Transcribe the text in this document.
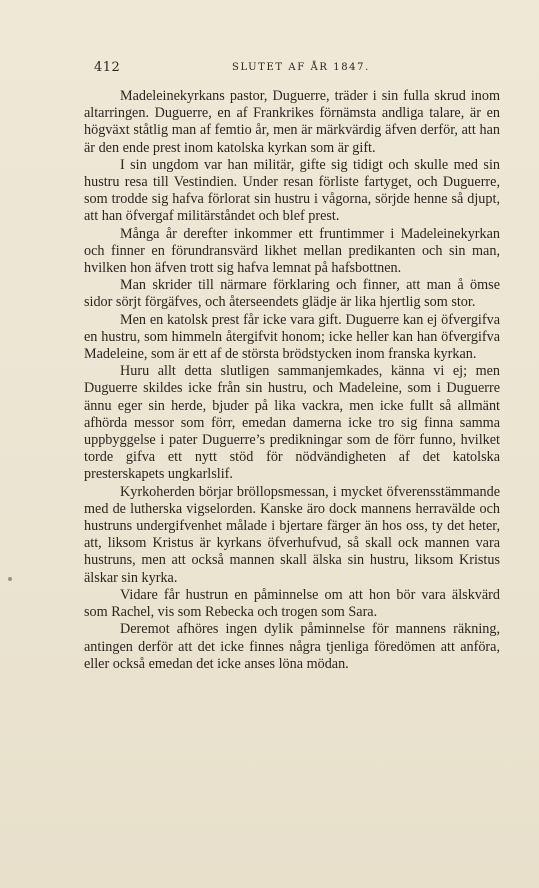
412	SLUTET AF ÅR 1847.

Madeleinekyrkans pastor, Duguerre, träder i sin fulla skrud inom altarringen. Duguerre, en af Frankrikes förnämsta andliga talare, är en högväxt ståtlig man af femtio år, men är märkvärdig äfven derför, att han är den ende prest inom katolska kyrkan som är gift.

I sin ungdom var han militär, gifte sig tidigt och skulle med sin hustru resa till Vestindien. Under resan förliste fartyget, och Duguerre, som trodde sig hafva förlorat sin hustru i vågorna, sörjde henne så djupt, att han öfvergaf militärståndet och blef prest.

Många år derefter inkommer ett fruntimmer i Madeleinekyrkan och finner en förundransvärd likhet mellan predikanten och sin man, hvilken hon äfven trott sig hafva lemnat på hafsbottnen.

Man skrider till närmare förklaring och finner, att man å ömse sidor sörjt förgäfves, och återseendets glädje är lika hjertlig som stor.

Men en katolsk prest får icke vara gift. Duguerre kan ej öfvergifva en hustru, som himmeln återgifvit honom; icke heller kan han öfvergifva Madeleine, som är ett af de största brödstycken inom franska kyrkan.

Huru allt detta slutligen sammanjemkades, känna vi ej; men Duguerre skildes icke från sin hustru, och Madeleine, som i Duguerre ännu eger sin herde, bjuder på lika vackra, men icke fullt så allmänt afhörda messor som förr, emedan damerna icke tro sig finna samma uppbyggelse i pater Duguerre’s predikningar som de förr funno, hvilket torde gifva ett nytt stöd för nödvändigheten af det katolska presterskapets ungkarlslif.

Kyrkoherden börjar bröllopsmessan, i mycket öfverensstämmande med de lutherska vigselorden. Kanske äro dock mannens herravälde och hustruns undergifvenhet målade i bjertare färger än hos oss, ty det heter, att, liksom Kristus är kyrkans öfverhufvud, så skall ock mannen vara hustruns, men att också mannen skall älska sin hustru, liksom Kristus älskar sin kyrka.

Vidare får hustrun en påminnelse om att hon bör vara älskvärd som Rachel, vis som Rebecka och trogen som Sara.

Deremot afhöres ingen dylik påminnelse för mannens räkning, antingen derför att det icke finnes några tjenliga föredömen att anföra, eller också emedan det icke anses löna mödan.
